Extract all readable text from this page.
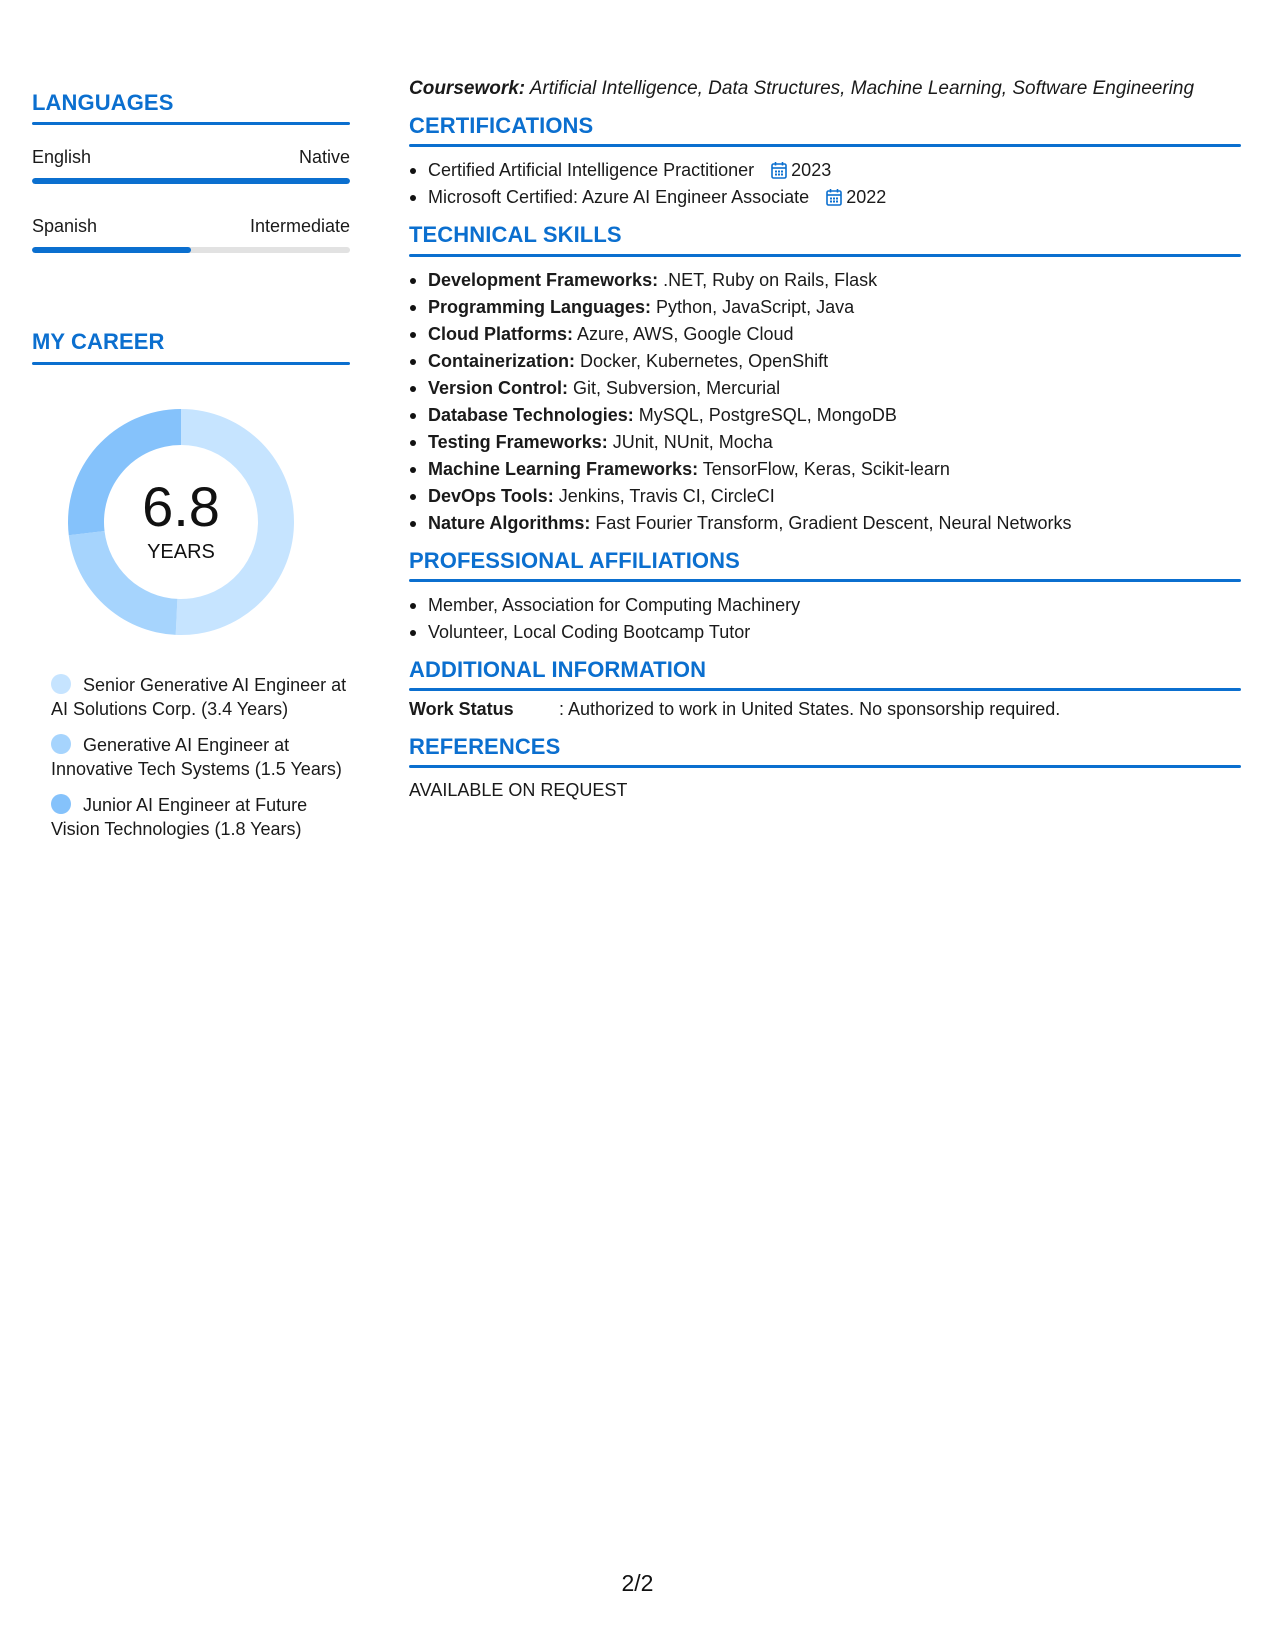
LANGUAGES
English	Native
Spanish	Intermediate
MY CAREER
6.8
YEARS
Senior Generative AI Engineer at AI Solutions Corp. (3.4 Years)
Generative AI Engineer at Innovative Tech Systems (1.5 Years)
Junior AI Engineer at Future Vision Technologies (1.8 Years)
Coursework: Artificial Intelligence, Data Structures, Machine Learning, Software Engineering
CERTIFICATIONS
Certified Artificial Intelligence Practitioner 2023
Microsoft Certified: Azure AI Engineer Associate 2022
TECHNICAL SKILLS
Development Frameworks: .NET, Ruby on Rails, Flask
Programming Languages: Python, JavaScript, Java
Cloud Platforms: Azure, AWS, Google Cloud
Containerization: Docker, Kubernetes, OpenShift
Version Control: Git, Subversion, Mercurial
Database Technologies: MySQL, PostgreSQL, MongoDB
Testing Frameworks: JUnit, NUnit, Mocha
Machine Learning Frameworks: TensorFlow, Keras, Scikit-learn
DevOps Tools: Jenkins, Travis CI, CircleCI
Nature Algorithms: Fast Fourier Transform, Gradient Descent, Neural Networks
PROFESSIONAL AFFILIATIONS
Member, Association for Computing Machinery
Volunteer, Local Coding Bootcamp Tutor
ADDITIONAL INFORMATION
Work Status	: Authorized to work in United States. No sponsorship required.
REFERENCES
AVAILABLE ON REQUEST
2/2
